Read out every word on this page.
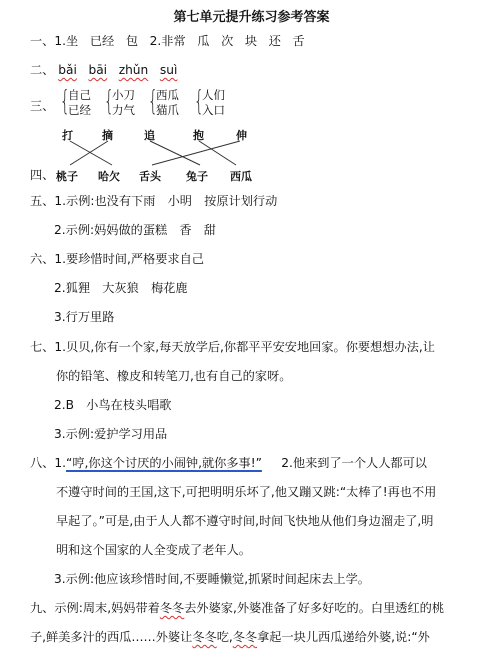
第七单元提升练习参考答案
一、1.坐 已经 包 2.非常 瓜 次 块 还 舌
二、 bǎi bāi zhǔn suì
三、 {
自己
已经 {
小刀
力气 {
西瓜
猫爪 {
人们
入口
打	摘	追	抱	伸
四、 桃子 哈欠 舌头 兔子 西瓜
五、1.示例:也没有下雨　小明　按原计划行动
2.示例:妈妈做的蛋糕　香　甜
六、1.要珍惜时间,严格要求自己
2.狐狸　大灰狼　梅花鹿
3.行万里路
七、1.贝贝,你有一个家,每天放学后,你都平平安安地回家。你要想想办法,让
你的铅笔、橡皮和转笔刀,也有自己的家呀。
2.B　小鸟在枝头唱歌
3.示例:爱护学习用品
八、1.“哼,你这个讨厌的小闹钟,就你多事!” 2.他来到了一个人人都可以
不遵守时间的王国,这下,可把明明乐坏了,他又蹦又跳:“太棒了!再也不用
早起了。”可是,由于人人都不遵守时间,时间飞快地从他们身边溜走了,明
明和这个国家的人全变成了老年人。
3.示例:他应该珍惜时间,不要睡懒觉,抓紧时间起床去上学。
九、示例:周末,妈妈带着冬冬去外婆家,外婆准备了好多好吃的。白里透红的桃
子,鲜美多汁的西瓜……外婆让冬冬吃,冬冬拿起一块儿西瓜递给外婆,说:“外
